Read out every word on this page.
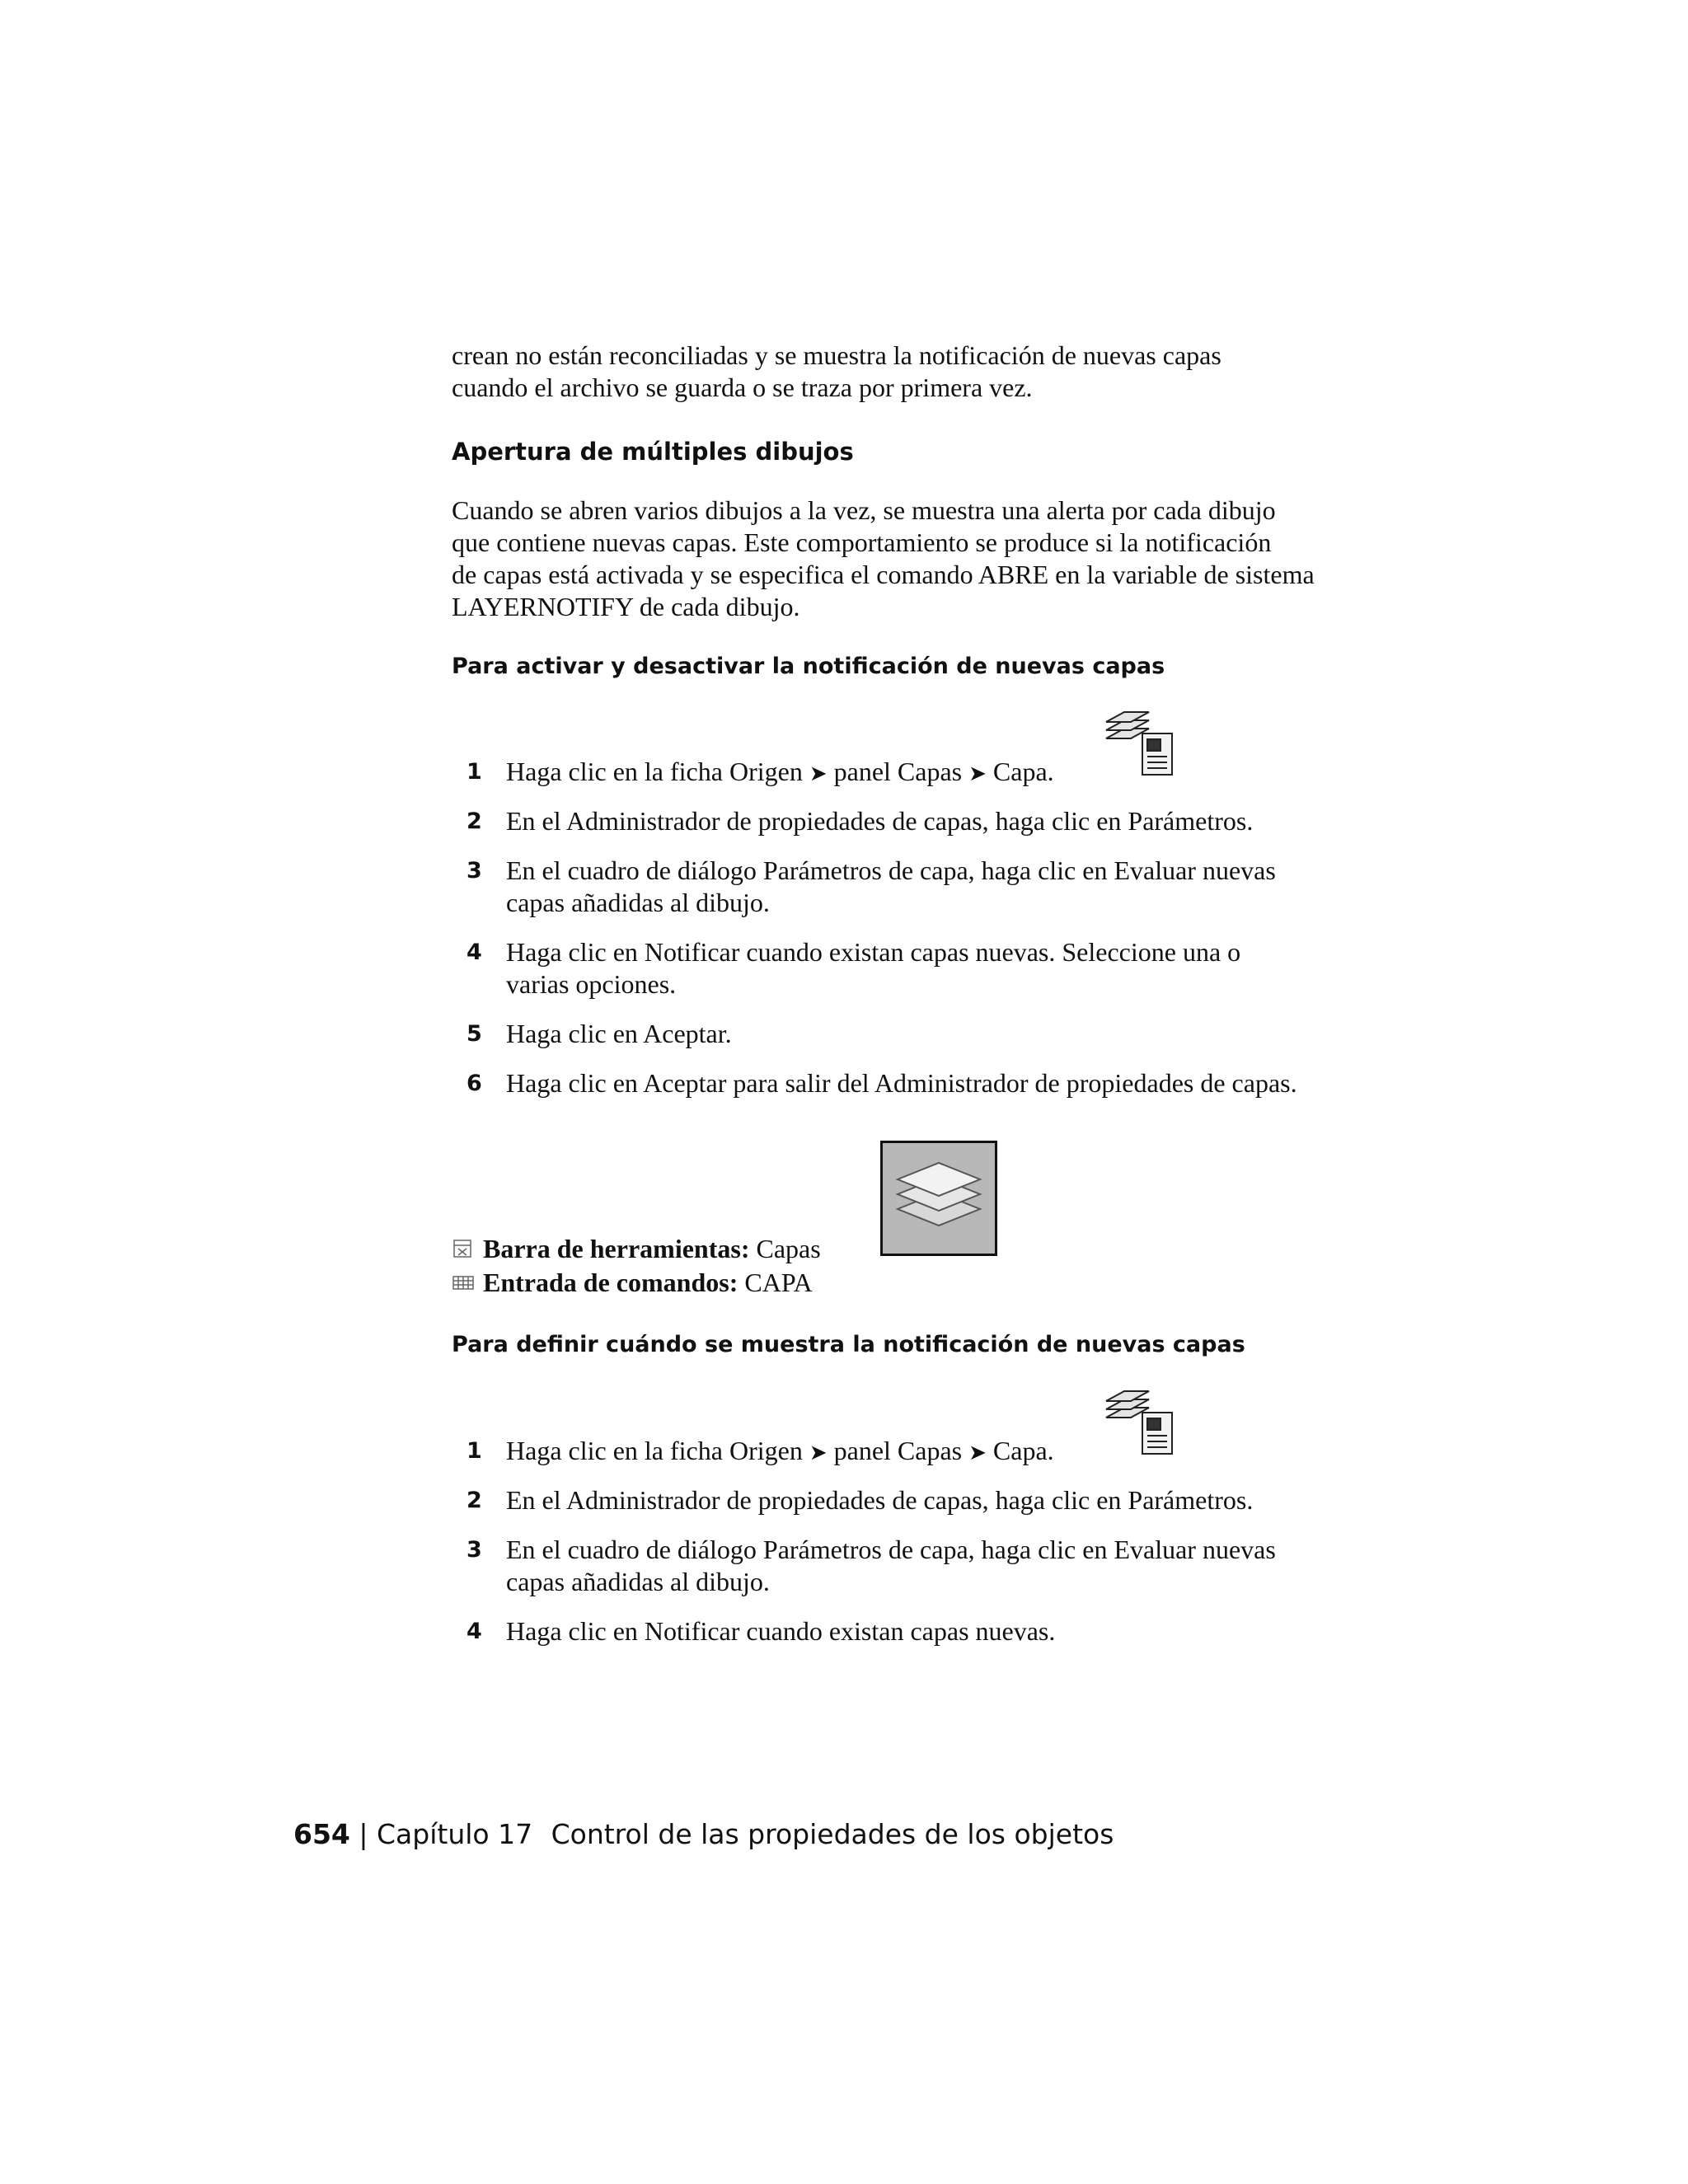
crean no están reconciliadas y se muestra la notificación de nuevas capas
cuando el archivo se guarda o se traza por primera vez.
Apertura de múltiples dibujos
Cuando se abren varios dibujos a la vez, se muestra una alerta por cada dibujo
que contiene nuevas capas. Este comportamiento se produce si la notificación
de capas está activada y se especifica el comando ABRE en la variable de sistema
LAYERNOTIFY de cada dibujo.
Para activar y desactivar la notificación de nuevas capas
1 Haga clic en la ficha Origen ➤ panel Capas ➤ Capa.
2 En el Administrador de propiedades de capas, haga clic en Parámetros.
3 En el cuadro de diálogo Parámetros de capa, haga clic en Evaluar nuevas
capas añadidas al dibujo.
4 Haga clic en Notificar cuando existan capas nuevas. Seleccione una o
varias opciones.
5 Haga clic en Aceptar.
6 Haga clic en Aceptar para salir del Administrador de propiedades de capas.
Barra de herramientas: Capas
Entrada de comandos: CAPA
Para definir cuándo se muestra la notificación de nuevas capas
1 Haga clic en la ficha Origen ➤ panel Capas ➤ Capa.
2 En el Administrador de propiedades de capas, haga clic en Parámetros.
3 En el cuadro de diálogo Parámetros de capa, haga clic en Evaluar nuevas
capas añadidas al dibujo.
4 Haga clic en Notificar cuando existan capas nuevas.
654 | Capítulo 17 Control de las propiedades de los objetos
